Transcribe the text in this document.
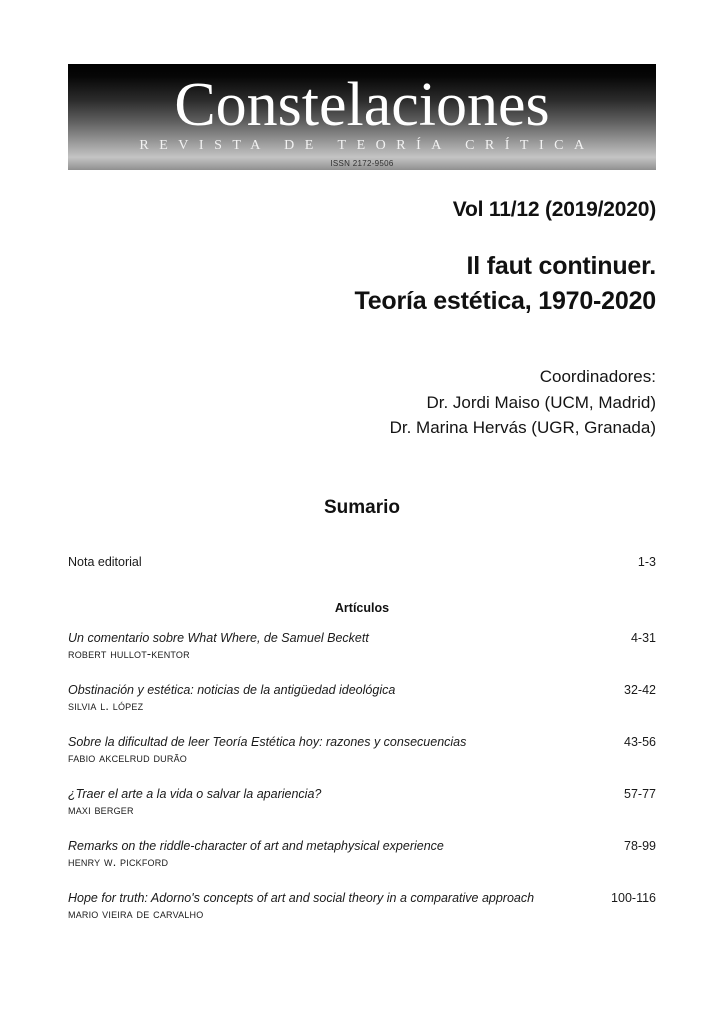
Constelaciones
REVISTA DE TEORÍA CRÍTICA
ISSN 2172-9506
Vol 11/12 (2019/2020)
Il faut continuer.
Teoría estética, 1970-2020
Coordinadores:
Dr. Jordi Maiso (UCM, Madrid)
Dr. Marina Hervás (UGR, Granada)
Sumario
Nota editorial	1-3
Artículos
Un comentario sobre What Where, de Samuel Beckett	4-31
robert hullot-kentor
Obstinación y estética: noticias de la antigüedad ideológica	32-42
silvia l. lópez
Sobre la dificultad de leer Teoría Estética hoy: razones y consecuencias	43-56
fabio akcelrud durão
¿Traer el arte a la vida o salvar la apariencia?	57-77
maxi berger
Remarks on the riddle-character of art and metaphysical experience	78-99
henry w. pickford
Hope for truth: Adorno's concepts of art and social theory in a comparative approach	100-116
mario vieira de carvalho
